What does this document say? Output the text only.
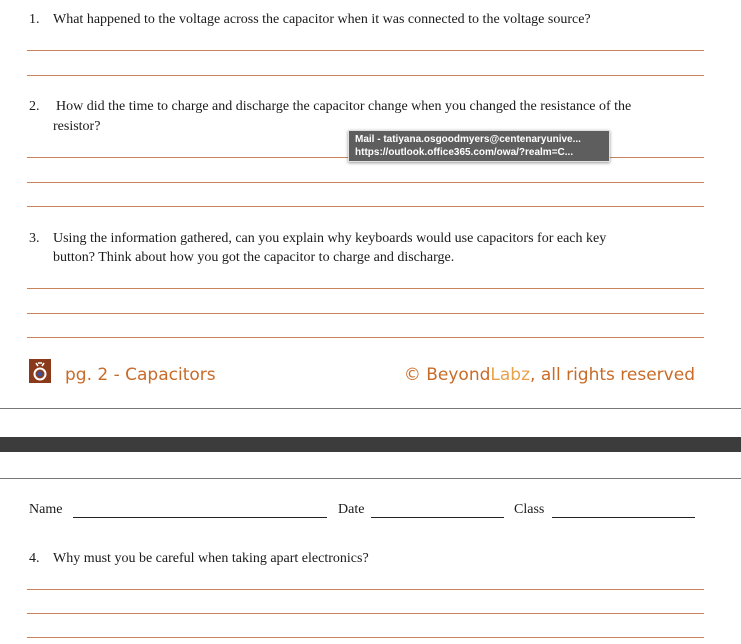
1. What happened to the voltage across the capacitor when it was connected to the voltage source?
2. How did the time to charge and discharge the capacitor change when you changed the resistance of the
resistor?
Mail - tatiyana.osgoodmyers@centenaryunive...
https://outlook.office365.com/owa/?realm=C...
3. Using the information gathered, can you explain why keyboards would use capacitors for each key
button? Think about how you got the capacitor to charge and discharge.
pg. 2 - Capacitors	© BeyondLabz, all rights reserved
Name	Date	Class
4. Why must you be careful when taking apart electronics?
